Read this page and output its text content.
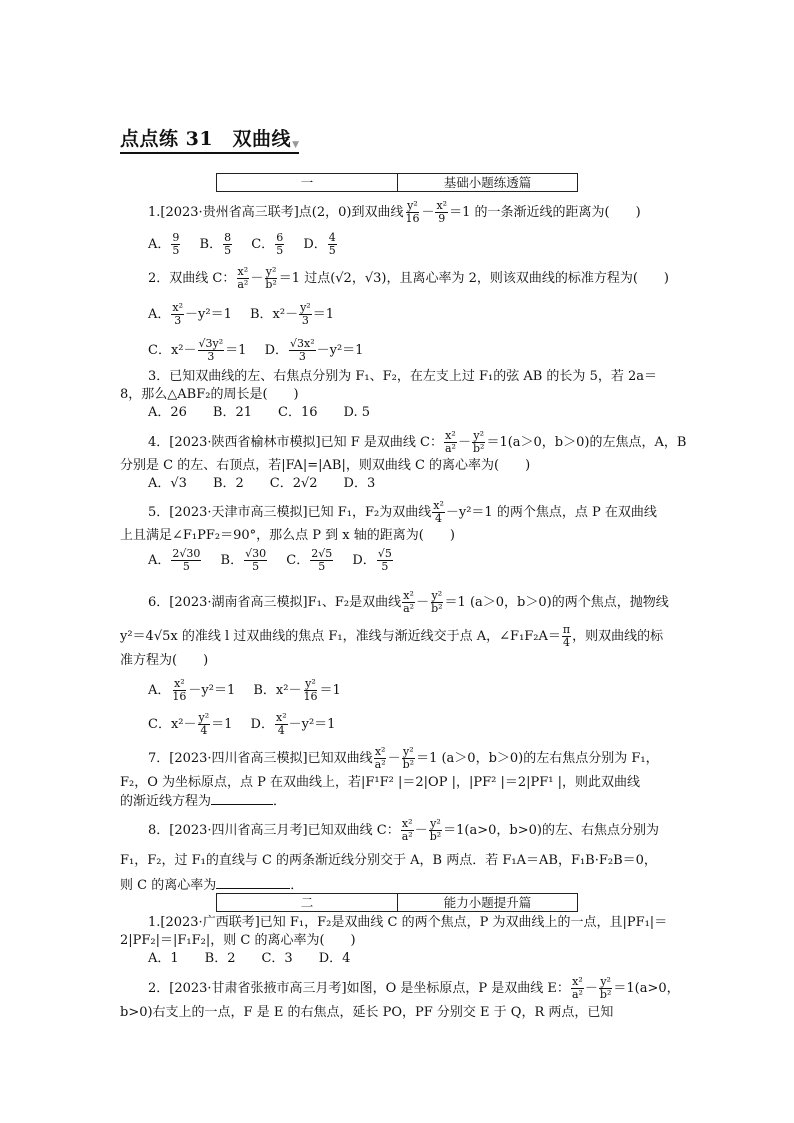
点点练 31　双曲线▼
一	基础小题练透篇
1.[2023·贵州省高三联考]点(2，0)到双曲线 $\frac{\text{y²}}{16} - \frac{\text{x²}}{9} =1$ 的一条渐近线的距离为(　　)
A． $\frac{9}{5}$ B． $\frac{8}{5}$ C． $\frac{6}{5}$ D． $\frac{4}{5}$
2．双曲线 C： $\frac{\text{x²}}{\text{a²}} - \frac{\text{y²}}{\text{b²}} =1$ 过点(√2，√3)，且离心率为 2，则该双曲线的标准方程为(　　)
A． $\frac{\text{x²}}{3} -y^2=1$ B．$x^2- \frac{\text{y²}}{3} =1$
C．$x^2- \frac{\text{√3y²}}{3} =1$ D． $\frac{\text{√3x²}}{3} -y^2=1$
3．已知双曲线的左、右焦点分别为 F₁、F₂，在左支上过 F₁的弦 AB 的长为 5，若 2a＝
8，那么△ABF₂的周长是(　　)
A．26　　B．21　　C．16　　D. 5
4．[2023·陕西省榆林市模拟]已知 F 是双曲线 C： $\frac{\text{x²}}{\text{a²}} - \frac{\text{y²}}{\text{b²}} =1(a>0$，b＞0)的左焦点，A，B
分别是 C 的左、右顶点，若|FA|=|AB|，则双曲线 C 的离心率为(　　)
A．√3　　B．2　　C．2√2　　D．3
5．[2023·天津市高三模拟]已知 F₁，F₂为双曲线 $\frac{\text{x²}}{4} -y^2=1$ 的两个焦点，点 P 在双曲线
上且满足∠F₁PF₂＝90°，那么点 P 到 x 轴的距离为(　　)
A． $\frac{2√30}{5}$ B． $\frac{√30}{5}$ C． $\frac{2√5}{5}$ D． $\frac{√5}{5}$
6．[2023·湖南省高三模拟]F₁、F₂是双曲线 $\frac{\text{x²}}{\text{a²}} - \frac{\text{y²}}{\text{b²}} =1$ (a＞0，b＞0)的两个焦点，抛物线
y²＝4√5x 的准线 l 过双曲线的焦点 F₁，准线与渐近线交于点 A，∠F₁F₂A＝ $\frac{\pi}{4}$ ，则双曲线的标
准方程为(　　)
A． $\frac{\text{x²}}{16} -y^2=1$ B．$x^2- \frac{\text{y²}}{16} =1$
C．$x^2- \frac{\text{y²}}{4} =1$ D． $\frac{\text{x²}}{4} -y^2=1$
7．[2023·四川省高三模拟]已知双曲线 $\frac{\text{x²}}{\text{a²}} - \frac{\text{y²}}{\text{b²}} =1$ (a＞0，b＞0)的左右焦点分别为 F₁，
F₂，O 为坐标原点，点 P 在双曲线上，若|F¹F² |＝2|OP |，|PF² |＝2|PF¹ |，则此双曲线
的渐近线方程为	．
8．[2023·四川省高三月考]已知双曲线 C： $\frac{\text{x²}}{\text{a²}} - \frac{\text{y²}}{\text{b²}} =1(a>0$，b>0)的左、右焦点分别为
F₁，F₂，过 F₁的直线与 C 的两条渐近线分别交于 A，B 两点．若 F₁A＝AB，F₁B·F₂B＝0，
则 C 的离心率为	．
二	能力小题提升篇
1.[2023·广西联考]已知 F₁，F₂是双曲线 C 的两个焦点，P 为双曲线上的一点，且|PF₁|＝
2|PF₂|＝|F₁F₂|，则 C 的离心率为(　　)
A．1　　B．2　　C．3　　D．4
2．[2023·甘肃省张掖市高三月考]如图，O 是坐标原点，P 是双曲线 E： $\frac{\text{x²}}{\text{a²}} - \frac{\text{y²}}{\text{b²}} =1(a>0$，
b>0)右支上的一点，F 是 E 的右焦点，延长 PO，PF 分别交 E 于 Q，R 两点，已知
